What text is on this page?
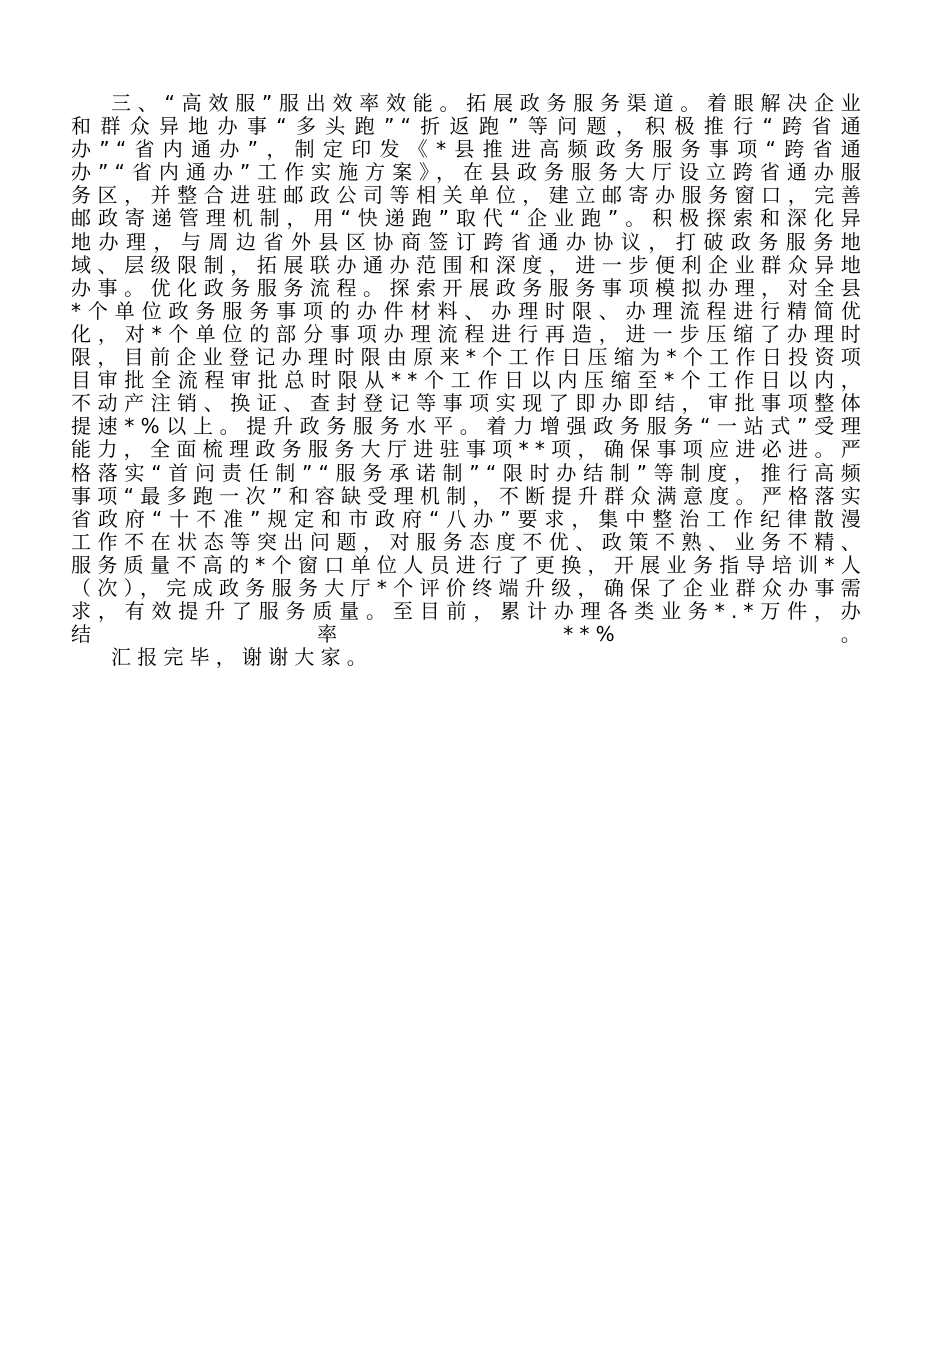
三、“高效服”服出效率效能。拓展政务服务渠道。着眼解决企业和群众异地办事“多头跑”“折返跑”等问题，积极推行“跨省通办”“省内通办”，制定印发《*县推进高频政务服务事项“跨省通办”“省内通办”工作实施方案》，在县政务服务大厅设立跨省通办服务区，并整合进驻邮政公司等相关单位，建立邮寄办服务窗口，完善邮政寄递管理机制，用“快递跑”取代“企业跑”。积极探索和深化异地办理，与周边省外县区协商签订跨省通办协议，打破政务服务地域、层级限制，拓展联办通办范围和深度，进一步便利企业群众异地办事。优化政务服务流程。探索开展政务服务事项模拟办理，对全县*个单位政务服务事项的办件材料、办理时限、办理流程进行精简优化，对*个单位的部分事项办理流程进行再造，进一步压缩了办理时限，目前企业登记办理时限由原来*个工作日压缩为*个工作日投资项目审批全流程审批总时限从**个工作日以内压缩至*个工作日以内，不动产注销、换证、查封登记等事项实现了即办即结，审批事项整体提速*%以上。提升政务服务水平。着力增强政务服务“一站式”受理能力，全面梳理政务服务大厅进驻事项**项，确保事项应进必进。严格落实“首问责任制”“服务承诺制”“限时办结制”等制度，推行高频事项“最多跑一次”和容缺受理机制，不断提升群众满意度。严格落实省政府“十不准”规定和市政府“八办”要求，集中整治工作纪律散漫工作不在状态等突出问题，对服务态度不优、政策不熟、业务不精、服务质量不高的*个窗口单位人员进行了更换，开展业务指导培训*人（次），完成政务服务大厅*个评价终端升级，确保了企业群众办事需求，有效提升了服务质量。至目前，累计办理各类业务*.*万件，办结率**%。

汇报完毕，谢谢大家。
